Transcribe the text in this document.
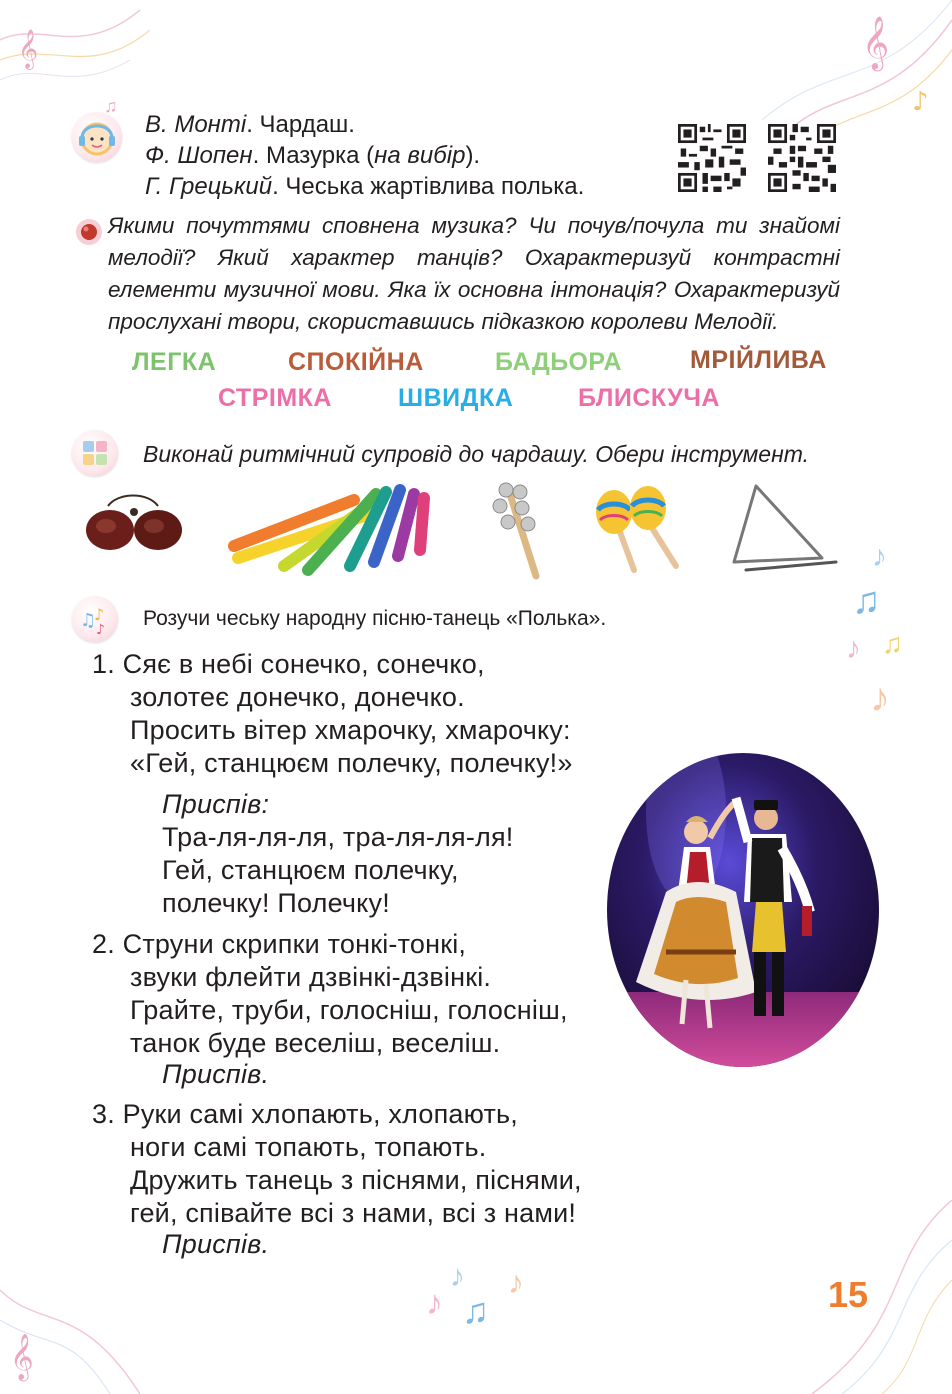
𝄞	𝄞
♪
𝄞
♪
♫
♪ ♫
♪
♪
♪ ♫
♪
♫
В. Монті. Чардаш.
Ф. Шопен. Мазурка (на вибір).
Г. Грецький. Чеська жартівлива полька.
Якими почуттями сповнена музика? Чи почув/почула ти знайомі мелодії? Який характер танців? Охарактеризуй контрастні елементи музичної мови. Яка їх основна інтонація? Охарактеризуй прослухані твори, скориставшись підказкою королеви Мелодії.
ЛЕГКА	СПОКІЙНА	БАДЬОРА	МРІЙЛИВА
СТРІМКА	ШВИДКА	БЛИСКУЧА
Виконай ритмічний супровід до чардашу. Обери інструмент.
♫
♪
♪ Розучи чеську народну пісню-танець «Полька».
1. Сяє в небі сонечко, сонечко,
золотеє донечко, донечко.
Просить вітер хмарочку, хмарочку:
«Гей, станцюєм полечку, полечку!»
Приспів:
Тра-ля-ля-ля, тра-ля-ля-ля!
Гей, станцюєм полечку,
полечку! Полечку!
2. Струни скрипки тонкі-тонкі,
звуки флейти дзвінкі-дзвінкі.
Грайте, труби, голосніш, голосніш,
танок буде веселіш, веселіш.
Приспів.
3. Руки самі хлопають, хлопають,
ноги самі топають, топають.
Дружить танець з піснями, піснями,
гей, співайте всі з нами, всі з нами!
Приспів.
15
